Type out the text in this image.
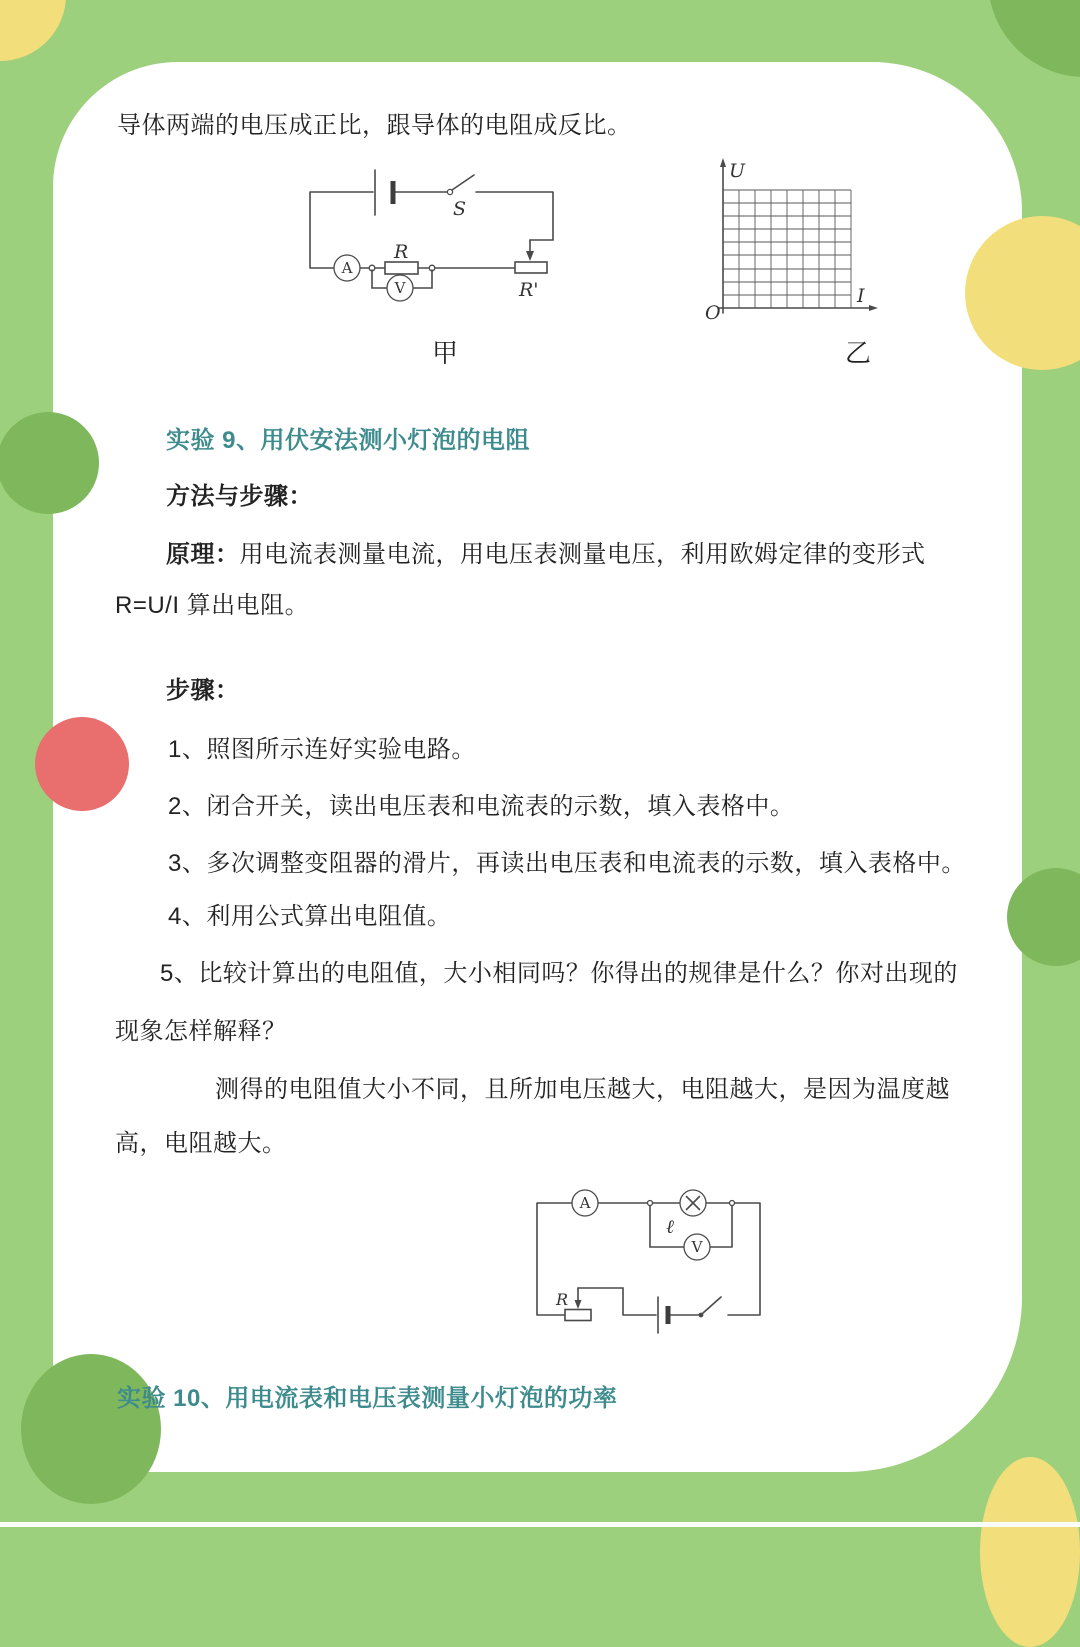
导体两端的电压成正比，跟导体的电阻成反比。
S
R'
A
R
V
U
I
O
甲	乙
实验 9、用伏安法测小灯泡的电阻
方法与步骤：
原理：用电流表测量电流，用电压表测量电压，利用欧姆定律的变形式
R=U/I 算出电阻。
步骤：
1、照图所示连好实验电路。
2、闭合开关，读出电压表和电流表的示数，填入表格中。
3、多次调整变阻器的滑片，再读出电压表和电流表的示数，填入表格中。
4、利用公式算出电阻值。
5、比较计算出的电阻值，大小相同吗？你得出的规律是什么？你对出现的
现象怎样解释？
测得的电阻值大小不同，且所加电压越大，电阻越大，是因为温度越
高，电阻越大。
A
ℓ
V
R
实验 10、用电流表和电压表测量小灯泡的功率
